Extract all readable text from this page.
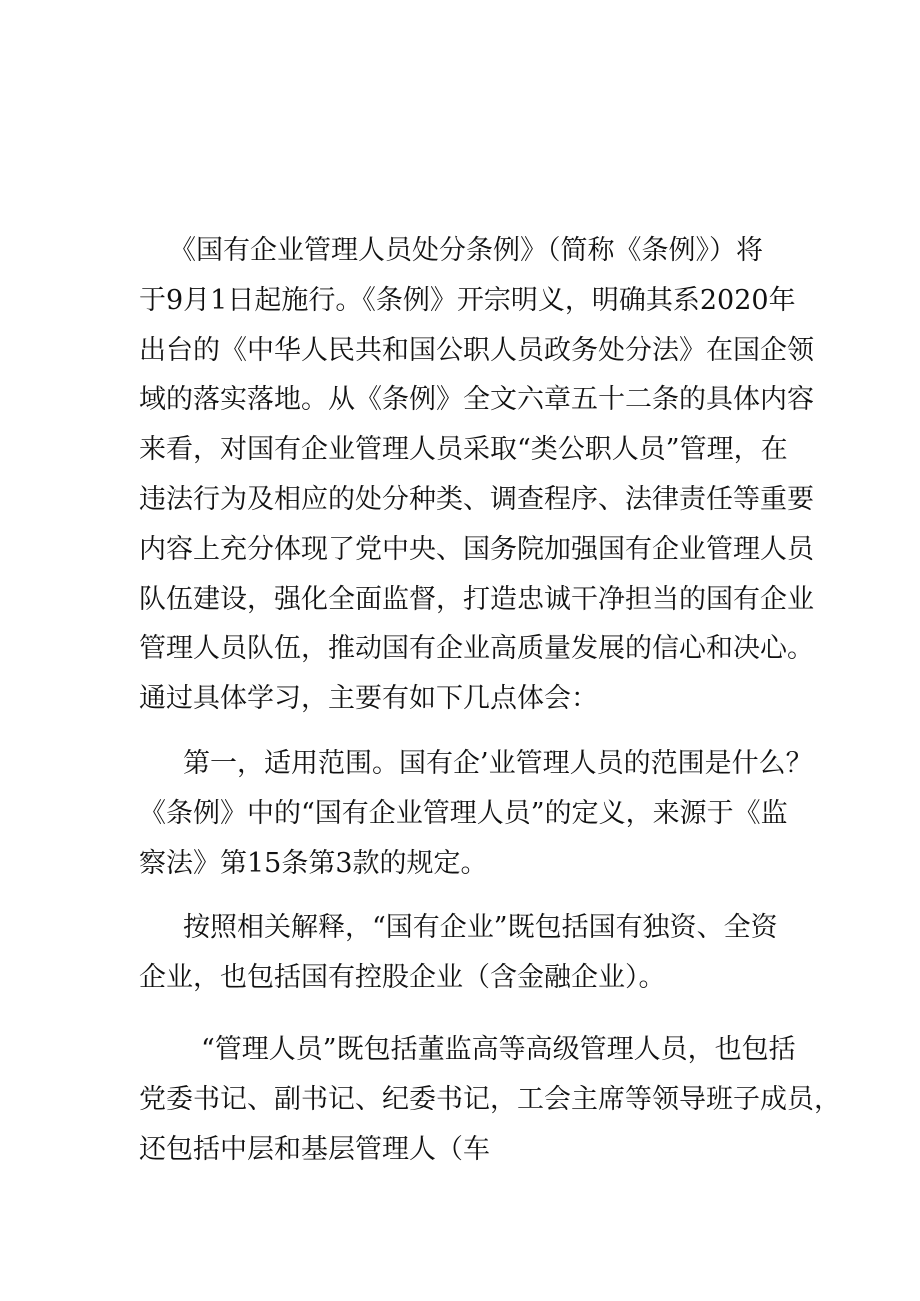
《国有企业管理人员处分条例》（简称《条例》）将
于9月1日起施行。《条例》开宗明义，明确其系2020年
出台的《中华人民共和国公职人员政务处分法》在国企领
域的落实落地。从《条例》全文六章五十二条的具体内容
来看，对国有企业管理人员采取“类公职人员”管理，在
违法行为及相应的处分种类、调查程序、法律责任等重要
内容上充分体现了党中央、国务院加强国有企业管理人员
队伍建设，强化全面监督，打造忠诚干净担当的国有企业
管理人员队伍，推动国有企业高质量发展的信心和决心。
通过具体学习，主要有如下几点体会：
第一，适用范围。国有企’业管理人员的范围是什么？
《条例》中的“国有企业管理人员”的定义，来源于《监
察法》第15条第3款的规定。
按照相关解释，“国有企业”既包括国有独资、全资
企业，也包括国有控股企业（含金融企业）。
“管理人员”既包括董监高等高级管理人员，也包括
党委书记、副书记、纪委书记，工会主席等领导班子成员，
还包括中层和基层管理人（车
